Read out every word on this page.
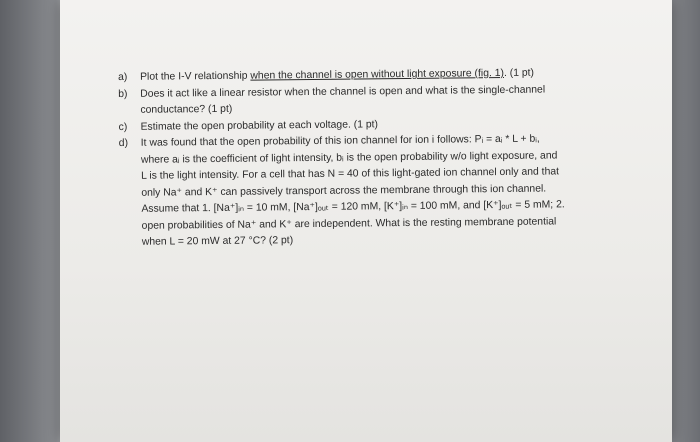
a) Plot the I-V relationship when the channel is open without light exposure (fig. 1). (1 pt)
b) Does it act like a linear resistor when the channel is open and what is the single-channel
conductance? (1 pt)
c) Estimate the open probability at each voltage. (1 pt)
d) It was found that the open probability of this ion channel for ion i follows: Pᵢ = aᵢ * L + bᵢ,
where aᵢ is the coefficient of light intensity, bᵢ is the open probability w/o light exposure, and
L is the light intensity. For a cell that has N = 40 of this light-gated ion channel only and that
only Na⁺ and K⁺ can passively transport across the membrane through this ion channel.
Assume that 1. [Na⁺]ᵢₙ = 10 mM, [Na⁺]ₒᵤₜ = 120 mM, [K⁺]ᵢₙ = 100 mM, and [K⁺]ₒᵤₜ = 5 mM; 2.
open probabilities of Na⁺ and K⁺ are independent. What is the resting membrane potential
when L = 20 mW at 27 °C? (2 pt)
